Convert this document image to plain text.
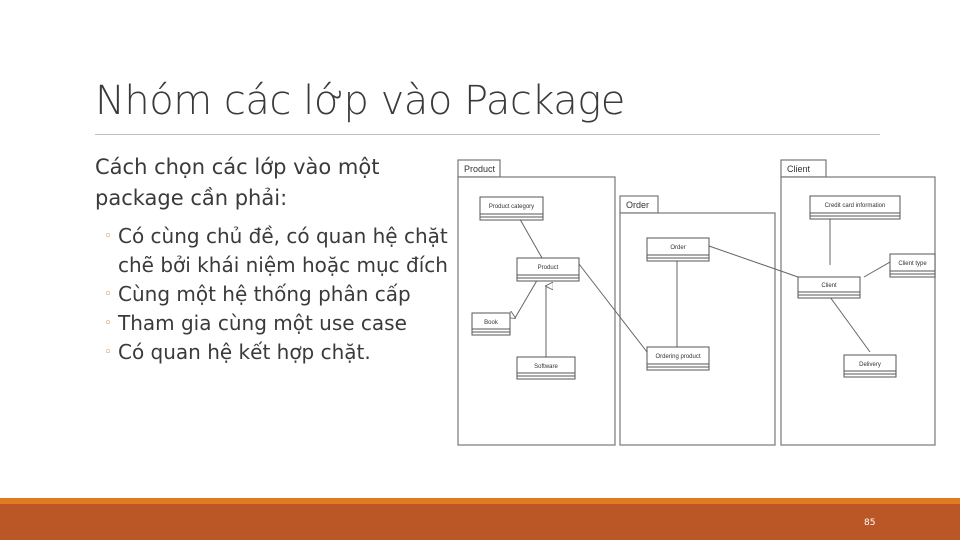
Nhóm các lớp vào Package
Cách chọn các lớp vào một package cần phải:
◦ Có cùng chủ đề, có quan hệ chặt chẽ bởi khái niệm hoặc mục đích
◦ Cùng một hệ thống phân cấp
◦ Tham gia cùng một use case
◦ Có quan hệ kết hợp chặt.
Product
Order
Client
Product category
Product
Book
Software
Order
Ordering product
Credit card information
Client type
Client
Delivery
85
